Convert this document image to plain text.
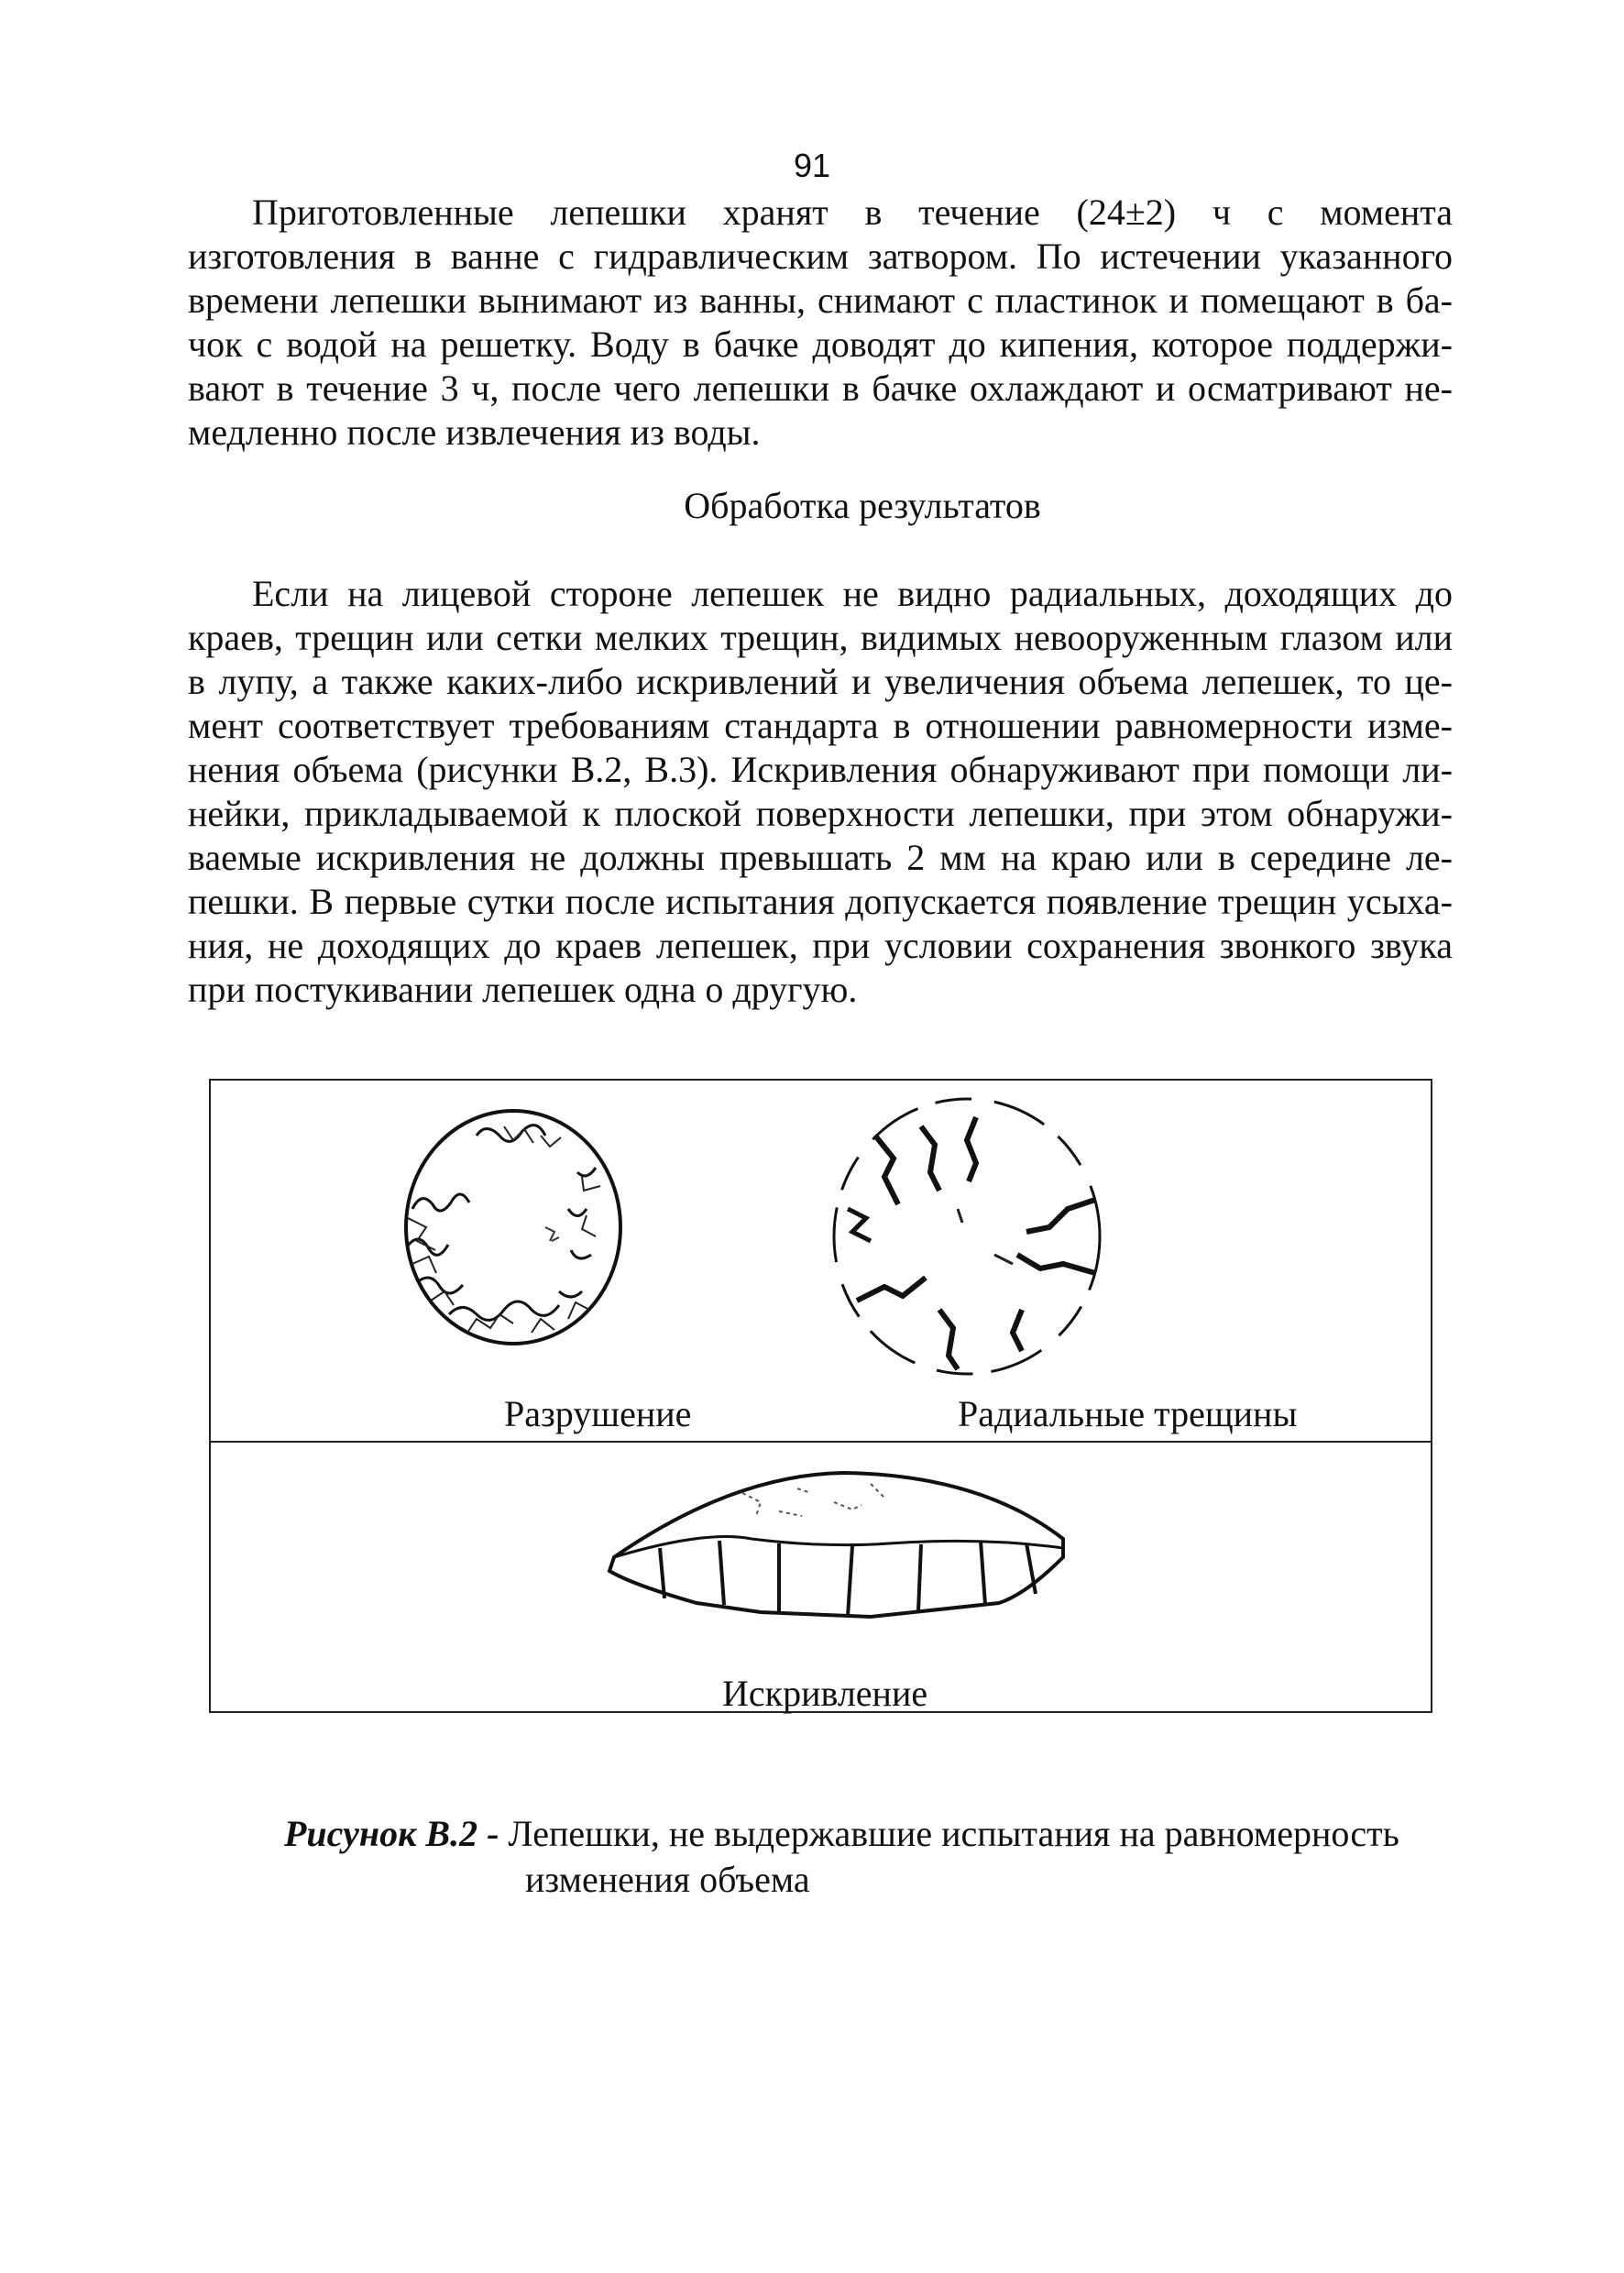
91

Приготовленные лепешки хранят в течение (24±2) ч с момента
изготовления в ванне с гидравлическим затвором. По истечении указанного
времени лепешки вынимают из ванны, снимают с пластинок и помещают в ба-
чок с водой на решетку. Воду в бачке доводят до кипения, которое поддержи-
вают в течение 3 ч, после чего лепешки в бачке охлаждают и осматривают не-
медленно после извлечения из воды.

Обработка результатов

Если на лицевой стороне лепешек не видно радиальных, доходящих до
краев, трещин или сетки мелких трещин, видимых невооруженным глазом или
в лупу, а также каких-либо искривлений и увеличения объема лепешек, то це-
мент соответствует требованиям стандарта в отношении равномерности изме-
нения объема (рисунки В.2, В.3). Искривления обнаруживают при помощи ли-
нейки, прикладываемой к плоской поверхности лепешки, при этом обнаружи-
ваемые искривления не должны превышать 2 мм на краю или в середине ле-
пешки. В первые сутки после испытания допускается появление трещин усыха-
ния, не доходящих до краев лепешек, при условии сохранения звонкого звука
при постукивании лепешек одна о другую.

Разрушение	Радиальные трещины
Искривление
Рисунок В.2 - Лепешки, не выдержавшие испытания на равномерность
изменения объема
